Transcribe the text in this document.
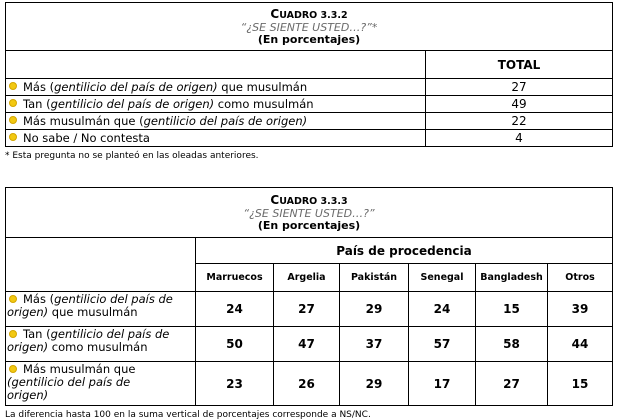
CUADRO 3.3.2
“¿SE SIENTE USTED…?”*
(En porcentajes)	

	TOTAL
Más (gentilicio del país de origen) que musulmán	27
Tan (gentilicio del país de origen) como musulmán	49
Más musulmán que (gentilicio del país de origen)	22
No sabe / No contesta	4
* Esta pregunta no se planteó en las oleadas anteriores.
CUADRO 3.3.3
“¿SE SIENTE USTED…?”
(En porcentajes)						

	País de procedencia					
	Marruecos	Argelia	Pakistán	Senegal	Bangladesh	Otros
Más (gentilicio del país de
origen) que musulmán	24	27	29	24	15	39
Tan (gentilicio del país de
origen) como musulmán	50	47	37	57	58	44
Más musulmán que
(gentilicio del país de
origen)	23	26	29	17	27	15
La diferencia hasta 100 en la suma vertical de porcentajes corresponde a NS/NC.
